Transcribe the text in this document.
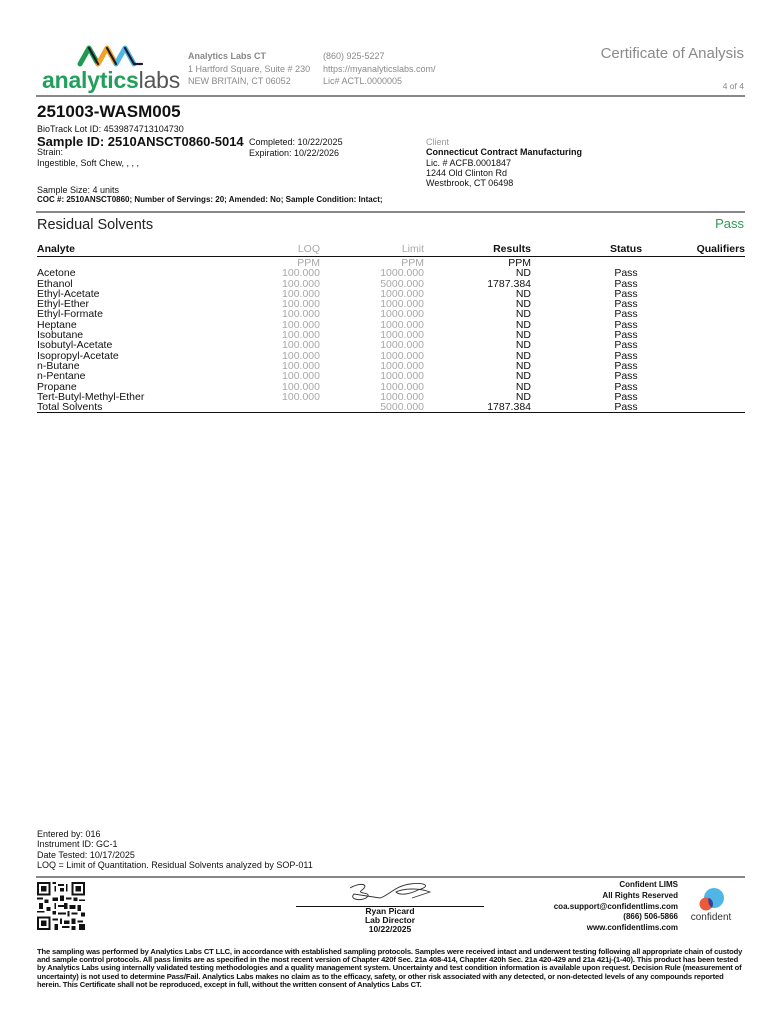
analyticslabs
Analytics Labs CT
1 Hartford Square, Suite # 230
NEW BRITAIN, CT 06052
(860) 925-5227
https://myanalyticslabs.com/
Lic# ACTL.0000005
Certificate of Analysis
4 of 4
251003-WASM005
BioTrack Lot ID: 4539874713104730
Sample ID: 2510ANSCT0860-5014
Strain:
Ingestible, Soft Chew, , , ,
Completed: 10/22/2025
Expiration: 10/22/2026
Client
Connecticut Contract Manufacturing
Lic. # ACFB.0001847
1244 Old Clinton Rd
Westbrook, CT 06498
Sample Size: 4 units
COC #: 2510ANSCT0860; Number of Servings: 20; Amended: No; Sample Condition: Intact;
Residual Solvents	Pass
Analyte	LOQ	Limit	Results	Status	Qualifiers
	PPM	PPM	PPM		
Acetone	100.000	1000.000	ND	Pass	
Ethanol	100.000	5000.000	1787.384	Pass	
Ethyl-Acetate	100.000	1000.000	ND	Pass	
Ethyl-Ether	100.000	1000.000	ND	Pass	
Ethyl-Formate	100.000	1000.000	ND	Pass	
Heptane	100.000	1000.000	ND	Pass	
Isobutane	100.000	1000.000	ND	Pass	
Isobutyl-Acetate	100.000	1000.000	ND	Pass	
Isopropyl-Acetate	100.000	1000.000	ND	Pass	
n-Butane	100.000	1000.000	ND	Pass	
n-Pentane	100.000	1000.000	ND	Pass	
Propane	100.000	1000.000	ND	Pass	
Tert-Butyl-Methyl-Ether	100.000	1000.000	ND	Pass	
Total Solvents		5000.000	1787.384	Pass	
Entered by: 016
Instrument ID: GC-1
Date Tested: 10/17/2025
LOQ = Limit of Quantitation. Residual Solvents analyzed by SOP-011
Ryan Picard
Lab Director
10/22/2025
Confident LIMS
All Rights Reserved
coa.support@confidentlims.com
(866) 506-5866
www.confidentlims.com
confident
The sampling was performed by Analytics Labs CT LLC, in accordance with established sampling protocols. Samples were received intact and underwent testing following all appropriate chain of custody and sample control protocols. All pass limits are as specified in the most recent version of Chapter 420f Sec. 21a 408-414, Chapter 420h Sec. 21a 420-429 and 21a 421j-(1-40). This product has been tested by Analytics Labs using internally validated testing methodologies and a quality management system. Uncertainty and test condition information is available upon request. Decision Rule (measurement of uncertainty) is not used to determine Pass/Fail. Analytics Labs makes no claim as to the efficacy, safety, or other risk associated with any detected, or non-detected levels of any compounds reported herein. This Certificate shall not be reproduced, except in full, without the written consent of Analytics Labs CT.
